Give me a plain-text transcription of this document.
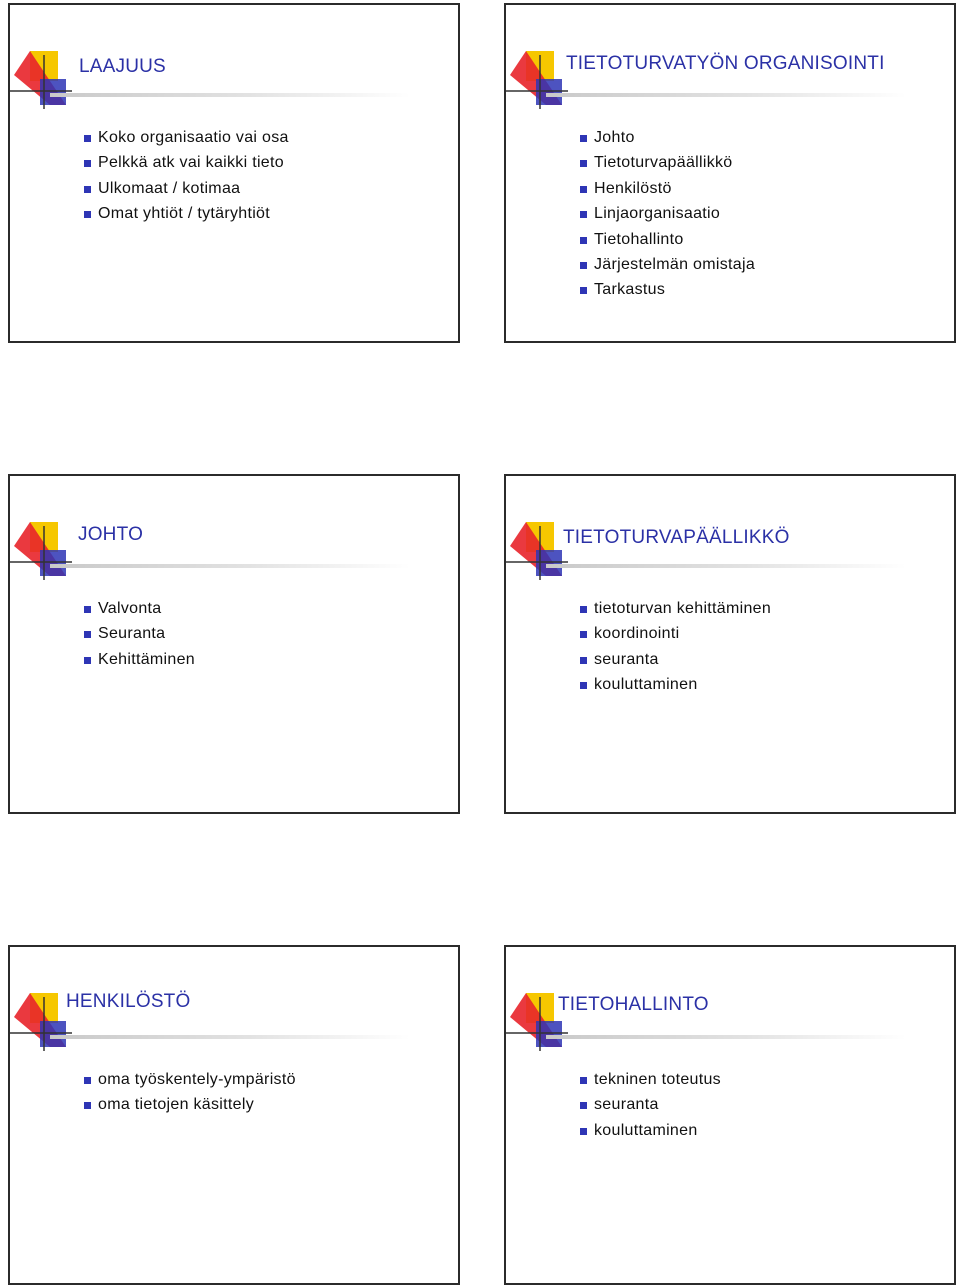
LAAJUUS
Koko organisaatio vai osa
Pelkkä atk vai kaikki tieto
Ulkomaat / kotimaa
Omat yhtiöt / tytäryhtiöt
TIETOTURVATYÖN ORGANISOINTI
Johto
Tietoturvapäällikkö
Henkilöstö
Linjaorganisaatio
Tietohallinto
Järjestelmän omistaja
Tarkastus
JOHTO
Valvonta
Seuranta
Kehittäminen
TIETOTURVAPÄÄLLIKKÖ
tietoturvan kehittäminen
koordinointi
seuranta
kouluttaminen
HENKILÖSTÖ
oma työskentely-ympäristö
oma tietojen käsittely
TIETOHALLINTO
tekninen toteutus
seuranta
kouluttaminen
